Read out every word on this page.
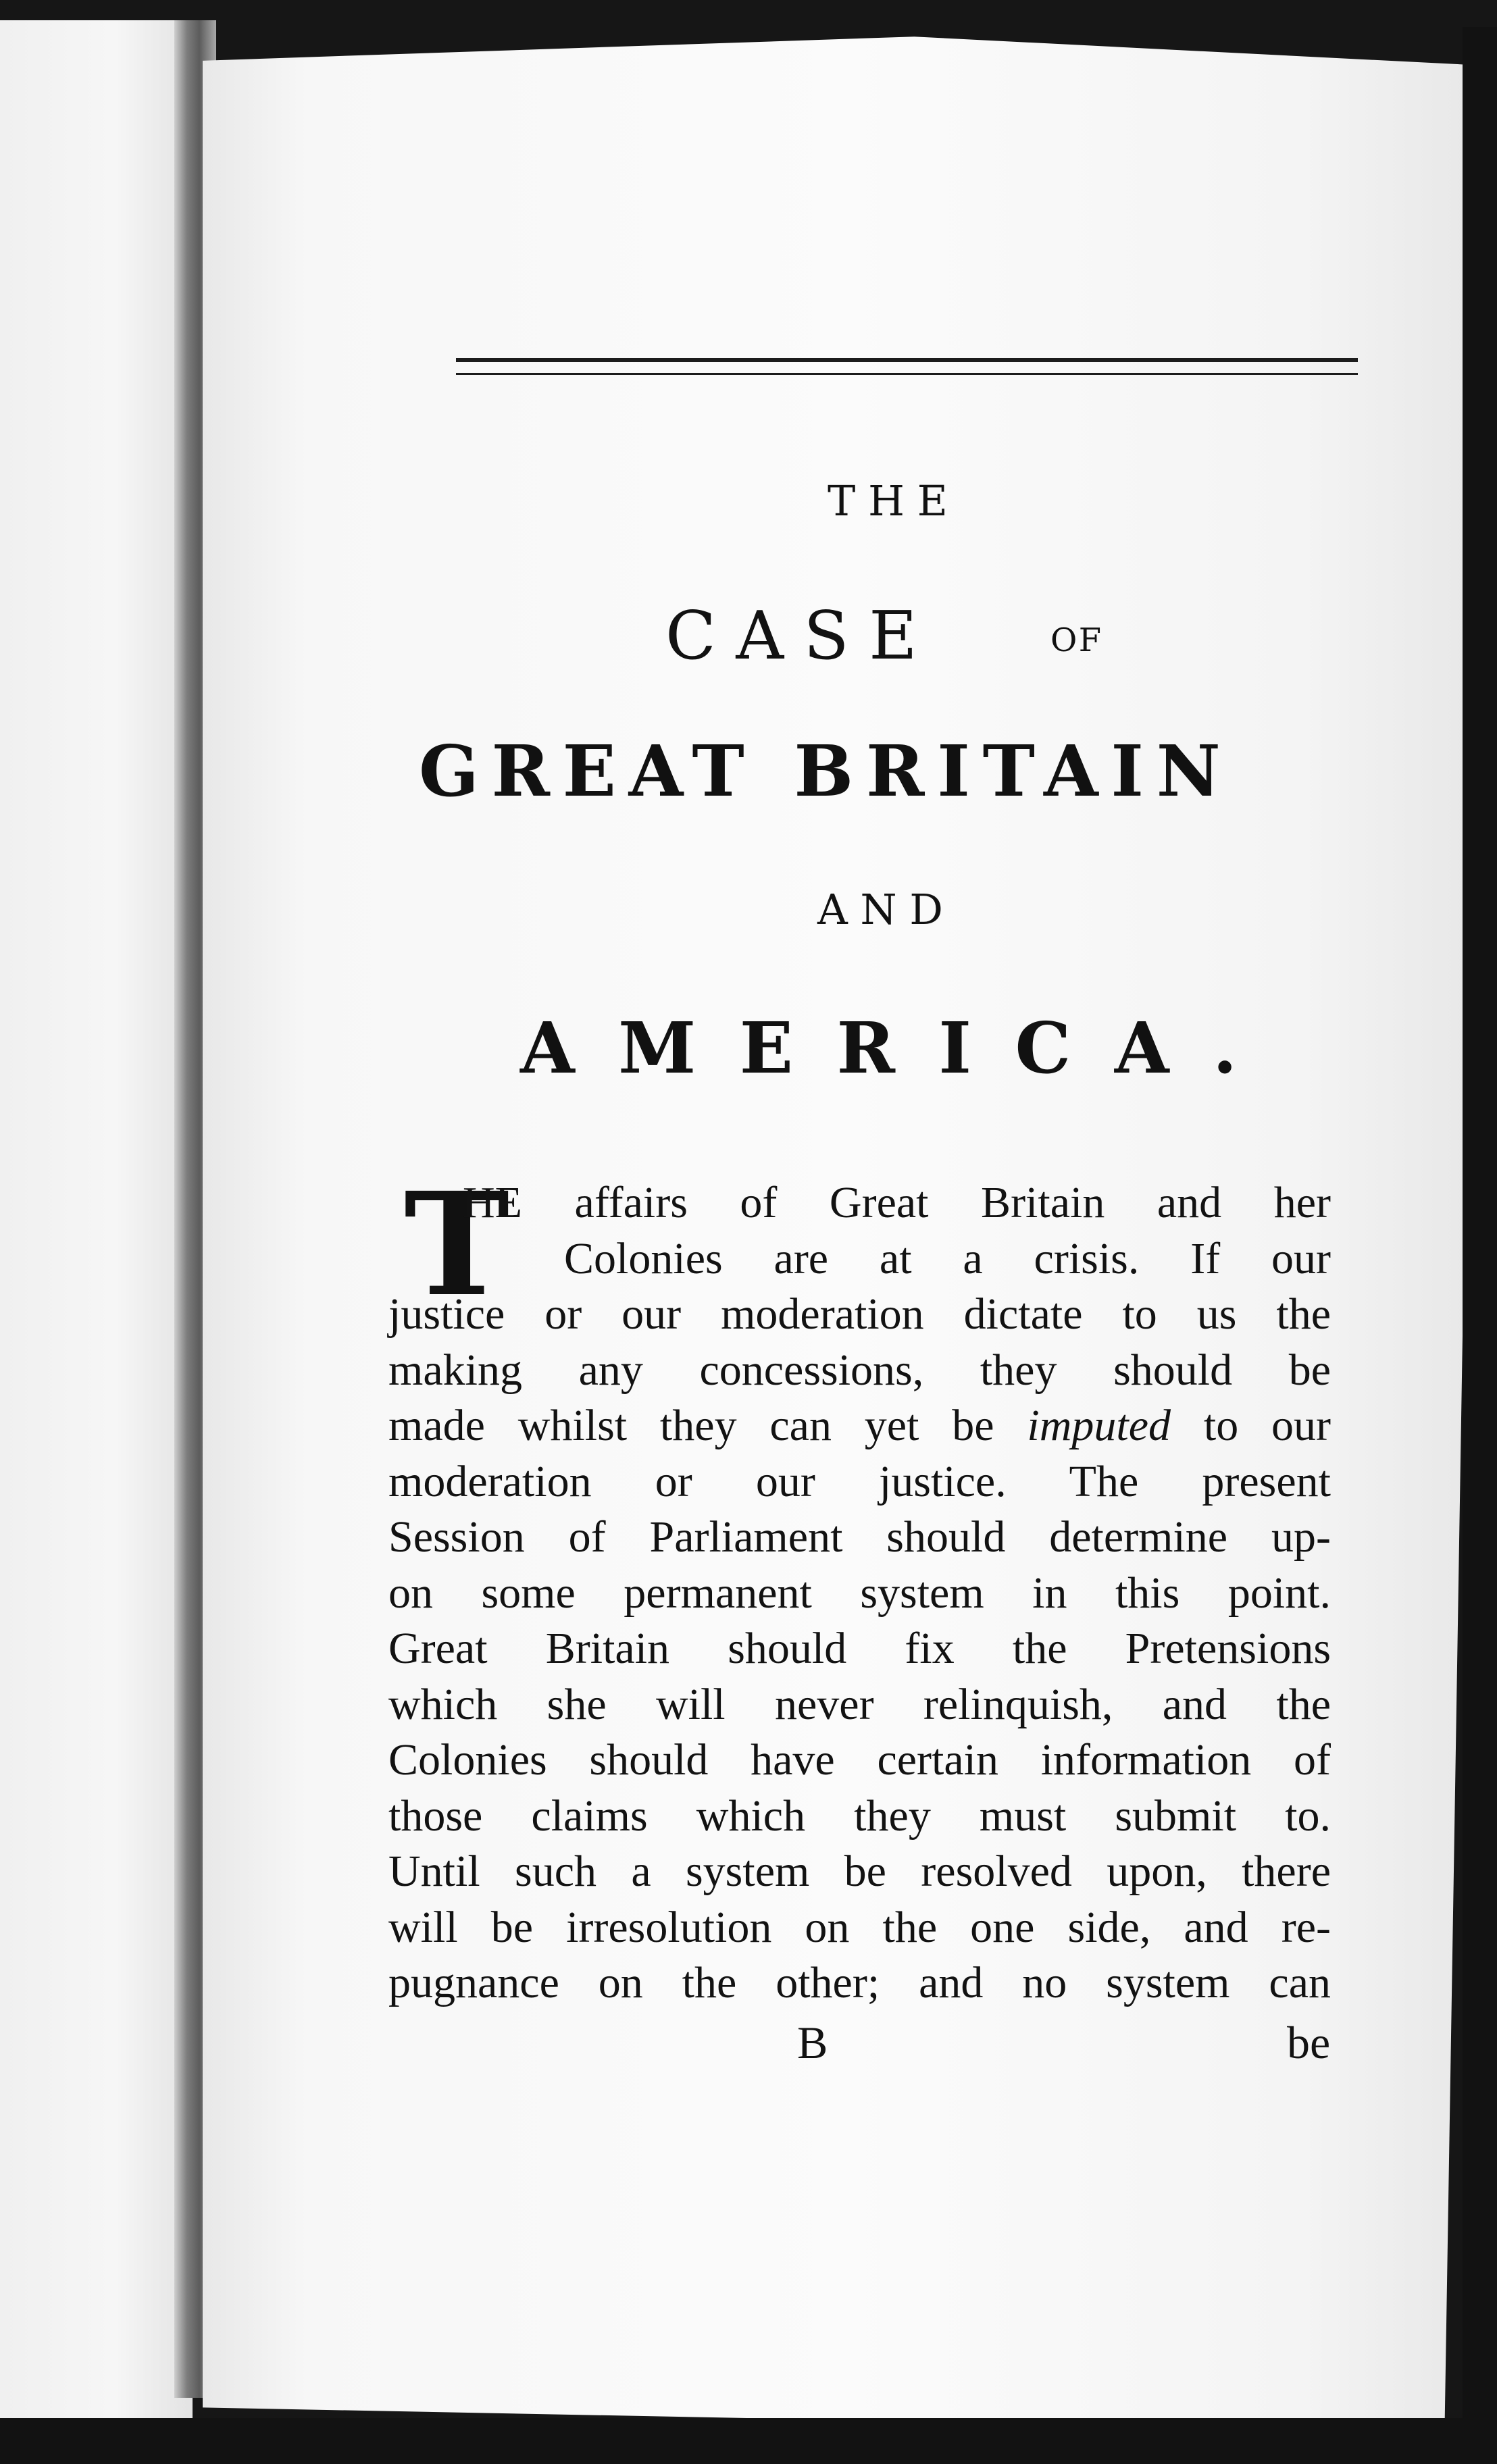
THE
CASE	OF
GREAT BRITAIN
AND
AMERICA.
T
HE affairs of Great Britain and her
Colonies are at a crisis. If our
justice or our moderation dictate to us the
making any concessions, they should be
made whilst they can yet be imputed to our
moderation or our justice. The present
Session of Parliament should determine up-
on some permanent system in this point.
Great Britain should fix the Pretensions
which she will never relinquish, and the
Colonies should have certain information of
those claims which they must submit to.
Until such a system be resolved upon, there
will be irresolution on the one side, and re-
pugnance on the other; and no system can
B	be
